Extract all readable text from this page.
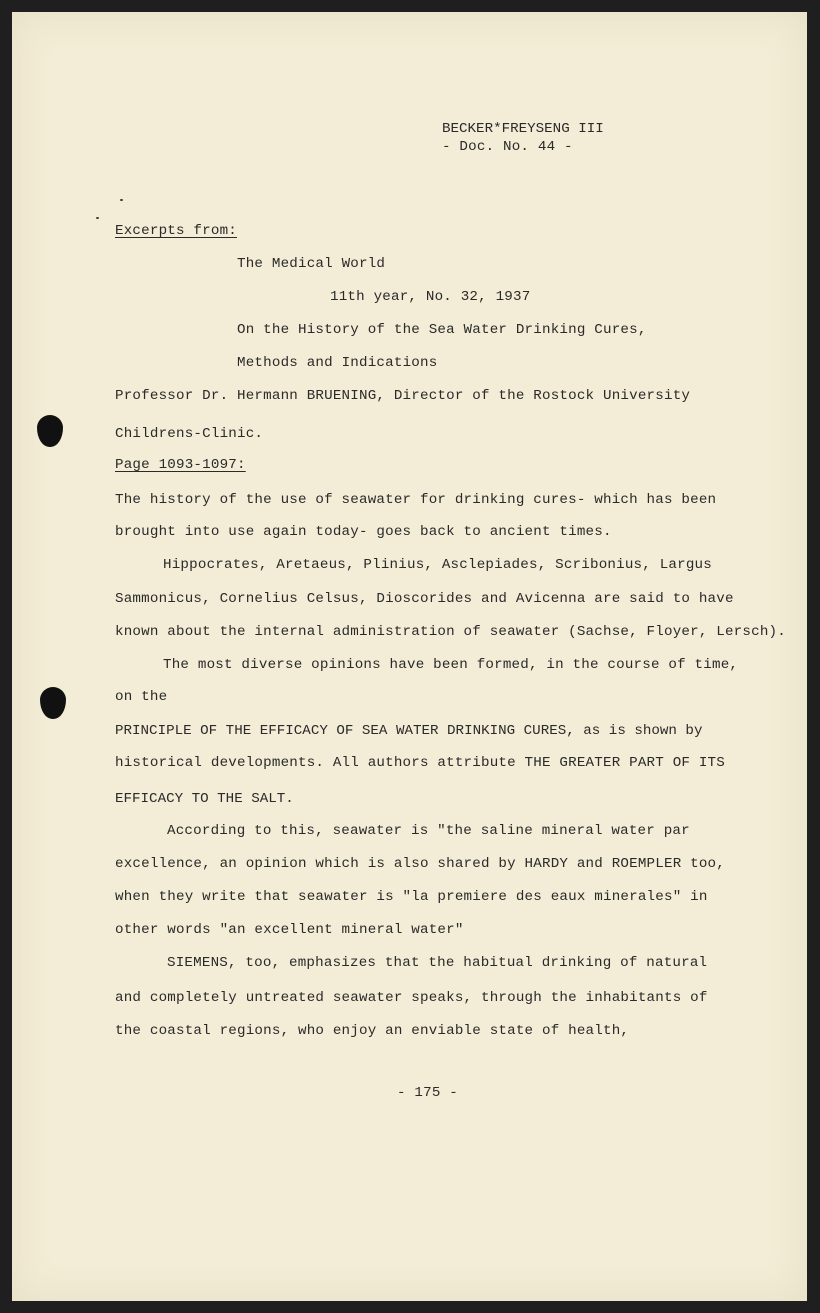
BECKER*FREYSENG III
- Doc. No. 44 -
Excerpts from:
The Medical World
11th year, No. 32, 1937
On the History of the Sea Water Drinking Cures,
Methods and Indications
Professor Dr. Hermann BRUENING, Director of the Rostock University
Childrens-Clinic.
Page 1093-1097:
The history of the use of seawater for drinking cures- which has been
brought into use again today- goes back to ancient times.
Hippocrates, Aretaeus, Plinius, Asclepiades, Scribonius, Largus
Sammonicus, Cornelius Celsus, Dioscorides and Avicenna are said to have
known about the internal administration of seawater (Sachse, Floyer, Lersch).
The most diverse opinions have been formed, in the course of time,
on the
PRINCIPLE OF THE EFFICACY OF SEA WATER DRINKING CURES, as is shown by
historical developments. All authors attribute THE GREATER PART OF ITS
EFFICACY TO THE SALT.
According to this, seawater is "the saline mineral water par
excellence, an opinion which is also shared by HARDY and ROEMPLER too,
when they write that seawater is "la premiere des eaux minerales" in
other words "an excellent mineral water"
SIEMENS, too, emphasizes that the habitual drinking of natural
and completely untreated seawater speaks, through the inhabitants of
the coastal regions, who enjoy an enviable state of health,
- 175 -
